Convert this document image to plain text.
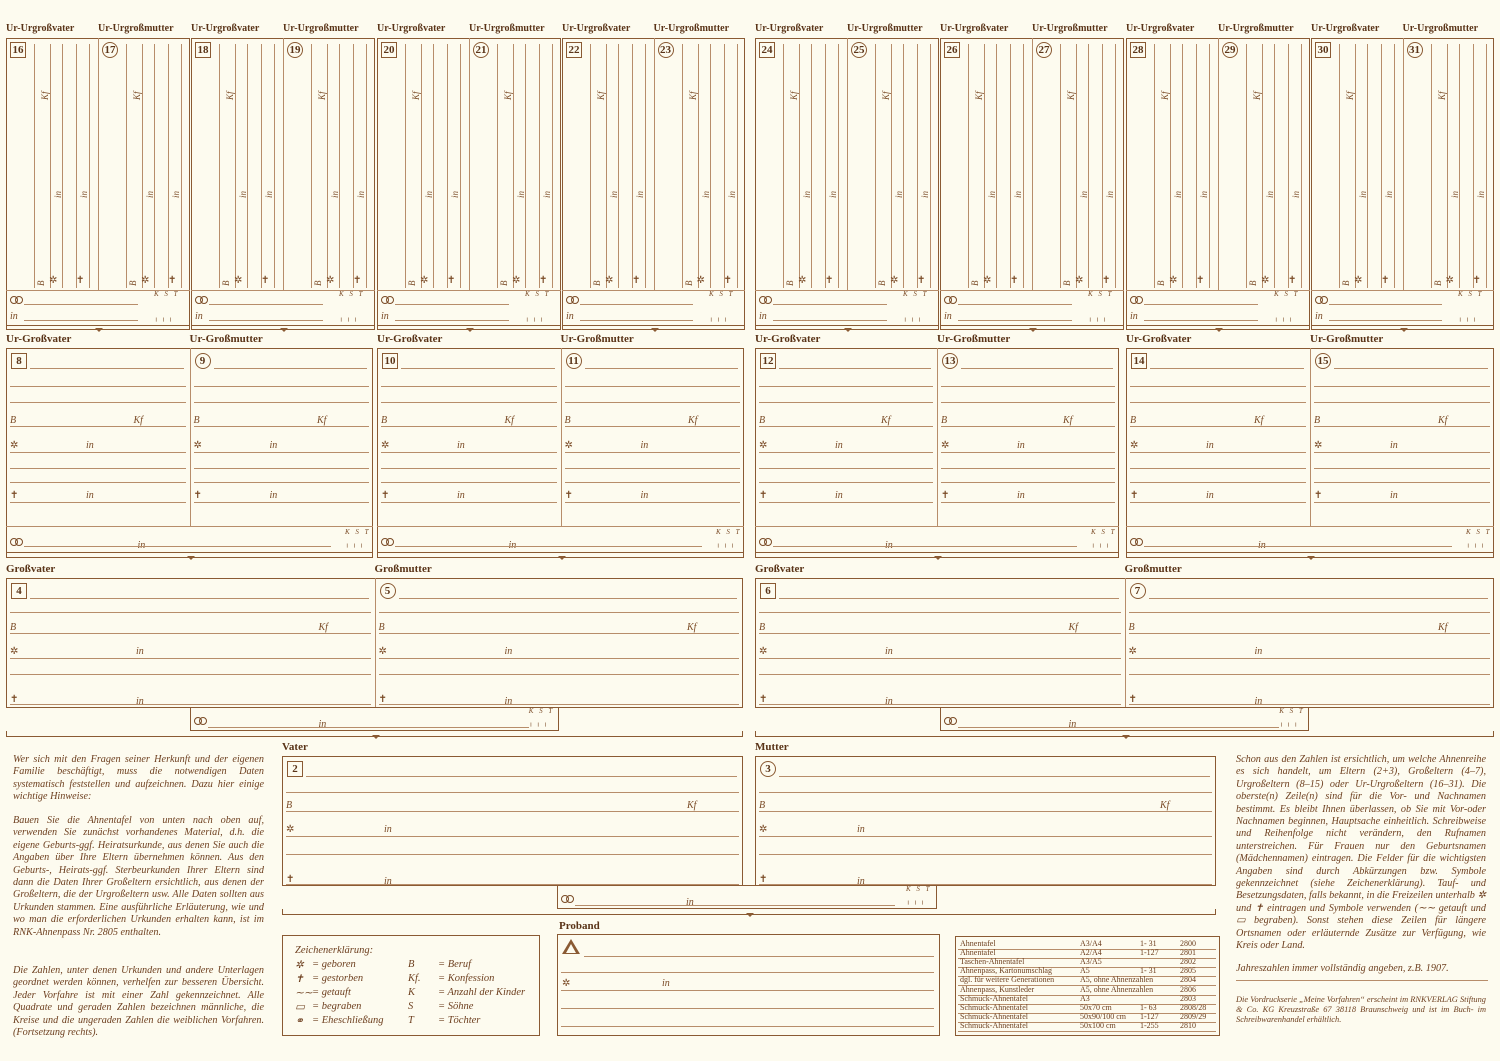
Ur-Urgroßvater Ur-Urgroßmutter
16
Kf
in in
B ✲ ✝
17
Kf
in in
B ✲ ✝
K S T
in	╷╷╷
Ur-Urgroßvater Ur-Urgroßmutter
18
Kf
in in
B ✲ ✝
19
Kf
in in
B ✲ ✝
K S T
in	╷╷╷
Ur-Urgroßvater Ur-Urgroßmutter
20
Kf
in in
B ✲ ✝
21
Kf
in in
B ✲ ✝
K S T
in	╷╷╷
Ur-Urgroßvater Ur-Urgroßmutter
22
Kf
in in
B ✲ ✝
23
Kf
in in
B ✲ ✝
K S T
in	╷╷╷
Ur-Urgroßvater Ur-Urgroßmutter
24
Kf
in in
B ✲ ✝
25
Kf
in in
B ✲ ✝
K S T
in	╷╷╷
Ur-Urgroßvater Ur-Urgroßmutter
26
Kf
in in
B ✲ ✝
27
Kf
in in
B ✲ ✝
K S T
in	╷╷╷
Ur-Urgroßvater Ur-Urgroßmutter
28
Kf
in in
B ✲ ✝
29
Kf
in in
B ✲ ✝
K S T
in	╷╷╷
Ur-Urgroßvater Ur-Urgroßmutter
30
Kf
in in
B ✲ ✝
31
Kf
in in
B ✲ ✝
K S T
in	╷╷╷
Ur-Großvater	Ur-Großmutter
8
B	Kf
✲	in
✝	in
9
B	Kf
✲	in
✝	in
in
K S T
╷╷╷
Ur-Großvater	Ur-Großmutter
10
B	Kf
✲	in
✝	in
11
B	Kf
✲	in
✝	in
in
K S T
╷╷╷
Ur-Großvater	Ur-Großmutter
12
B	Kf
✲	in
✝	in
13
B	Kf
✲	in
✝	in
in
K S T
╷╷╷
Ur-Großvater	Ur-Großmutter
14
B	Kf
✲	in
✝	in
15
B	Kf
✲	in
✝	in
in
K S T
╷╷╷
Großvater	Großmutter
4
B	Kf
✲	in
✝	in
5
B	Kf
✲	in
✝	in
in
K S T
╷╷╷
Großvater	Großmutter
6
B	Kf
✲	in
✝	in
7
B	Kf
✲	in
✝	in
in
K S T
╷╷╷
Vater
2
B	Kf
✲	in
✝	in
Mutter
3
B	Kf
✲	in
✝	in
in
K S T
╷╷╷
Proband
✲	in
Wer sich mit den Fragen seiner Herkunft und der eigenen Familie beschäftigt, muss die notwendigen Daten systematisch feststellen und aufzeichnen. Dazu hier einige wichtige Hinweise:
Bauen Sie die Ahnentafel von unten nach oben auf, verwenden Sie zunächst vorhandenes Material, d.h. die eigene Geburts-ggf. Heiratsurkunde, aus denen Sie auch die Angaben über Ihre Eltern übernehmen können. Aus den Geburts-, Heirats-ggf. Sterbeurkunden Ihrer Eltern sind dann die Daten Ihrer Großeltern ersichtlich, aus denen der Großeltern, die der Urgroßeltern usw. Alle Daten sollten aus Urkunden stammen. Eine ausführliche Erläuterung, wie und wo man die erforderlichen Urkunden erhalten kann, ist im RNK-Ahnenpass Nr. 2805 enthalten.
Die Zahlen, unter denen Urkunden und andere Unterlagen geordnet werden können, verhelfen zur besseren Übersicht. Jeder Vorfahre ist mit einer Zahl gekennzeichnet. Alle Quadrate und geraden Zahlen bezeichnen männliche, die Kreise und die ungeraden Zahlen die weiblichen Vorfahren. (Fortsetzung rechts).
Schon aus den Zahlen ist ersichtlich, um welche Ahnenreihe es sich handelt, um Eltern (2+3), Großeltern (4–7), Urgroßeltern (8–15) oder Ur-Urgroßeltern (16–31). Die oberste(n) Zeile(n) sind für die Vor- und Nachnamen bestimmt. Es bleibt Ihnen überlassen, ob Sie mit Vor-oder Nachnamen beginnen, Hauptsache einheitlich. Schreibweise und Reihenfolge nicht verändern, den Rufnamen unterstreichen. Für Frauen nur den Geburtsnamen (Mädchennamen) eintragen. Die Felder für die wichtigsten Angaben sind durch Abkürzungen bzw. Symbole gekennzeichnet (siehe Zeichenerklärung). Tauf- und Besetzungsdaten, falls bekannt, in die Freizeilen unterhalb ✲ und ✝ eintragen und Symbole verwenden (∼∼ getauft und ▭ begraben). Sonst stehen diese Zeilen für längere Ortsnamen oder erläuternde Zusätze zur Verfügung, wie Kreis oder Land.
Jahreszahlen immer vollständig angeben, z.B. 1907.
Die Vordruckserie „Meine Vorfahren“ erscheint im RNKVERLAG Stiftung & Co. KG Kreuzstraße 67 38118 Braunschweig und ist im Buch- im Schreibwarenhandel erhältlich.
Zeichenerklärung:
✲ = geboren
✝ = gestorben
∼∼ = getauft
▭ = begraben
⚭ = Eheschließung
B = Beruf
Kf. = Konfession
K = Anzahl der Kinder
S = Söhne
T = Töchter
Ahnentafel	A3/A4	1- 31	2800
Ahnentafel	A2/A4	1-127	2801
Taschen-Ahnentafel	A3/A5	2802
Ahnenpass, Kartonumschlag	A5	1- 31	2805
dgl. für weitere Generationen	A5, ohne Ahnenzahlen	2804
Ahnenpass, Kunstleder	A5, ohne Ahnenzahlen	2806
Schmuck-Ahnentafel	A3	2803
Schmuck-Ahnentafel	50x70 cm	1- 63	2808/28
Schmuck-Ahnentafel	50x90/100 cm 1-127	2809/29
Schmuck-Ahnentafel	50x100 cm	1-255	2810
